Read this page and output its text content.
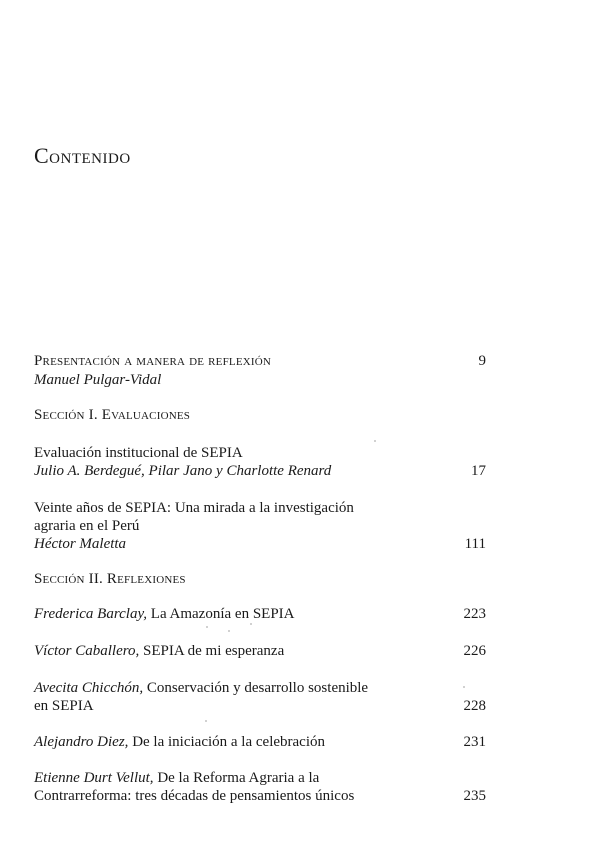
Contenido
Presentación a manera de reflexión	9
Manuel Pulgar-Vidal
Sección I. Evaluaciones
Evaluación institucional de SEPIA
Julio A. Berdegué, Pilar Jano y Charlotte Renard	17
Veinte años de SEPIA: Una mirada a la investigación
agraria en el Perú
Héctor Maletta	111
Sección II. Reflexiones
Frederica Barclay, La Amazonía en SEPIA	223
Víctor Caballero, SEPIA de mi esperanza	226
Avecita Chicchón, Conservación y desarrollo sostenible
en SEPIA	228
Alejandro Diez, De la iniciación a la celebración	231
Etienne Durt Vellut, De la Reforma Agraria a la
Contrarreforma: tres décadas de pensamientos únicos	235
